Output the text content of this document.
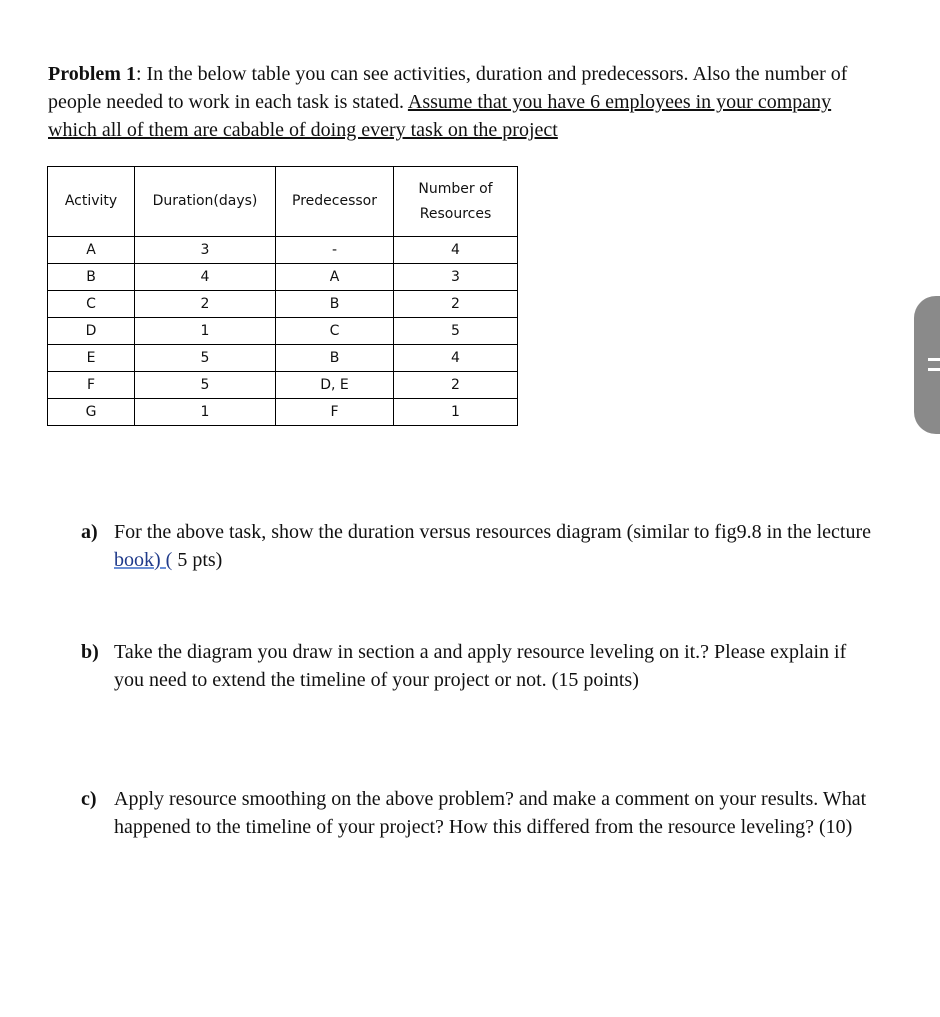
Problem 1: In the below table you can see activities, duration and predecessors. Also the number of people needed to work in each task is stated. Assume that you have 6 employees in your company which all of them are cabable of doing every task on the project
Activity	Duration(days)	Predecessor	Number of
Resources
A	3	-	4
B	4	A	3
C	2	B	2
D	1	C	5
E	5	B	4
F	5	D, E	2
G	1	F	1
a) For the above task, show the duration versus resources diagram (similar to fig9.8 in the lecture book) ( 5 pts)
b) Take the diagram you draw in section a and apply resource leveling on it.? Please explain if you need to extend the timeline of your project or not. (15 points)
c) Apply resource smoothing on the above problem? and make a comment on your results. What happened to the timeline of your project? How this differed from the resource leveling? (10)
